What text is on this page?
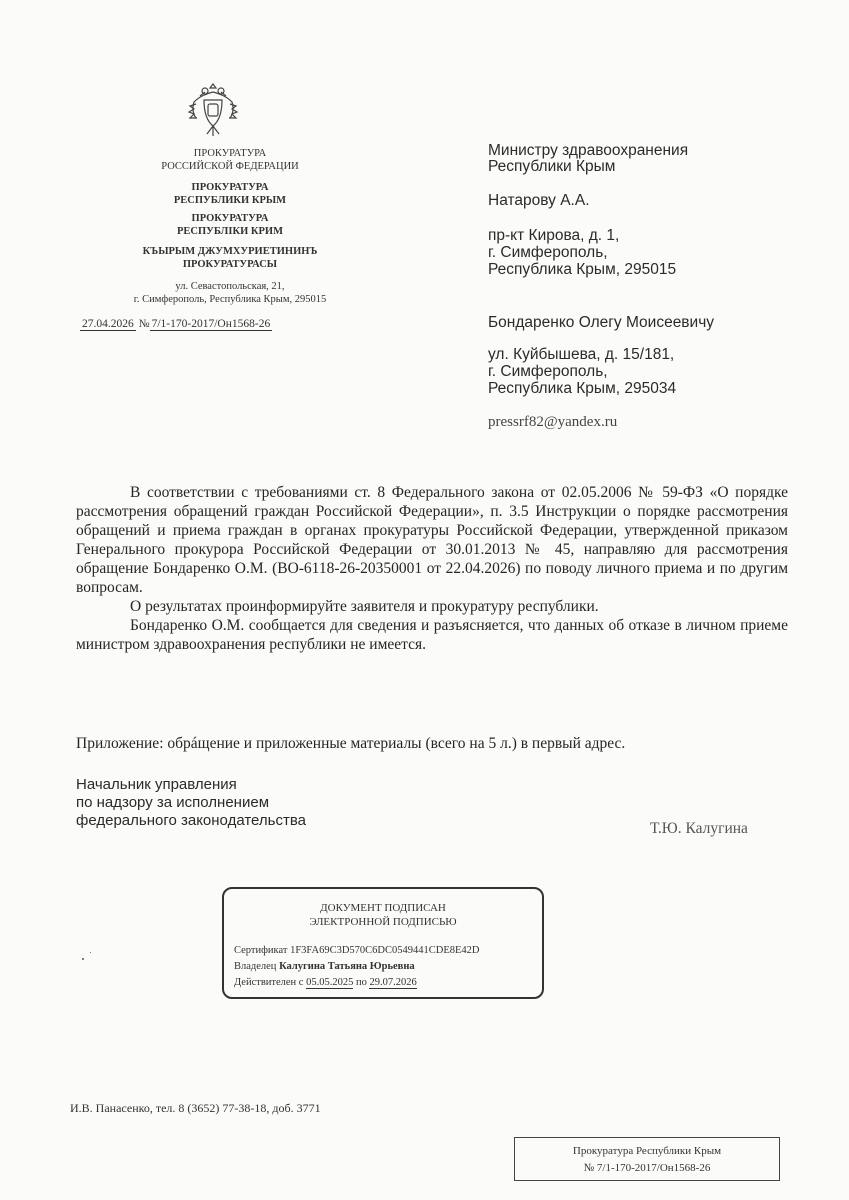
ПРОКУРАТУРА
РОССИЙСКОЙ ФЕДЕРАЦИИ
ПРОКУРАТУРА
РЕСПУБЛИКИ КРЫМ
ПРОКУРАТУРА
РЕСПУБЛІКИ КРИМ
КЪЫРЫМ ДЖУМХУРИЕТИНИНЪ
ПРОКУРАТУРАСЫ
ул. Севастопольская, 21,
г. Симферополь, Республика Крым, 295015
27.04.2026 № 7/1-170-2017/Он1568-26
Министру здравоохранения
Республики Крым
Натарову А.А.
пр-кт Кирова, д. 1,
г. Симферополь,
Республика Крым, 295015
Бондаренко Олегу Моисеевичу
ул. Куйбышева, д. 15/181,
г. Симферополь,
Республика Крым, 295034
pressrf82@yandex.ru

В соответствии с требованиями ст. 8 Федерального закона от 02.05.2006 № 59-ФЗ «О порядке рассмотрения обращений граждан Российской Федерации», п. 3.5 Инструкции о порядке рассмотрения обращений и приема граждан в органах прокуратуры Российской Федерации, утвержденной приказом Генерального прокурора Российской Федерации от 30.01.2013 № 45, направляю для рассмотрения обращение Бондаренко О.М. (ВО-6118-26-20350001 от 22.04.2026) по поводу личного приема и по другим вопросам.

О результатах проинформируйте заявителя и прокуратуру республики.

Бондаренко О.М. сообщается для сведения и разъясняется, что данных об отказе в личном приеме министром здравоохранения республики не имеется.

Приложение: обрáщение и приложенные материалы (всего на 5 л.) в первый адрес.

Начальник управления
по надзору за исполнением
федерального законодательства	Т.Ю. Калугина
ДОКУМЕНТ ПОДПИСАН
ЭЛЕКТРОННОЙ ПОДПИСЬЮ
Сертификат 1F3FA69C3D570C6DC0549441CDE8E42D
Владелец Калугина Татьяна Юрьевна
Действителен с 05.05.2025 по 29.07.2026
И.В. Панасенко, тел. 8 (3652) 77-38-18, доб. 3771
Прокуратура Республики Крым
№ 7/1-170-2017/Он1568-26
